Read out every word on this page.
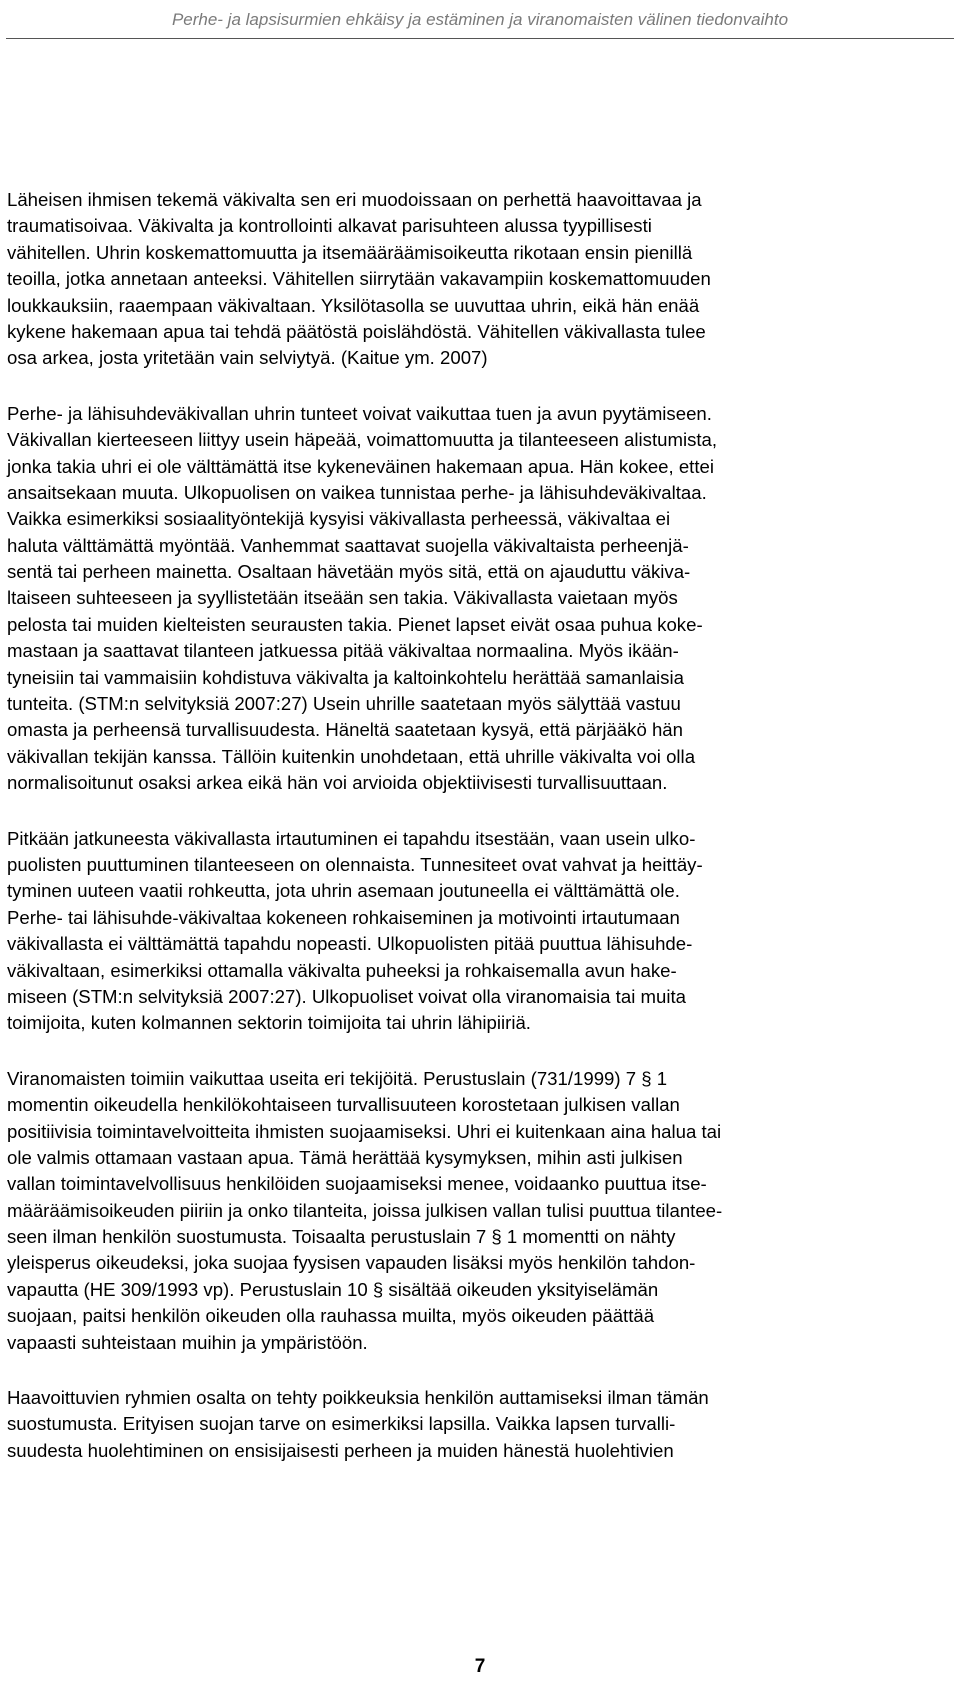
Perhe- ja lapsisurmien ehkäisy ja estäminen ja viranomaisten välinen tiedonvaihto

Läheisen ihmisen tekemä väkivalta sen eri muodoissaan on perhettä haavoittavaa ja
traumatisoivaa. Väkivalta ja kontrollointi alkavat parisuhteen alussa tyypillisesti
vähitellen. Uhrin koskemattomuutta ja itsemääräämisoikeutta rikotaan ensin pienillä
teoilla, jotka annetaan anteeksi. Vähitellen siirrytään vakavampiin koskemattomuuden
loukkauksiin, raaempaan väkivaltaan. Yksilötasolla se uuvuttaa uhrin, eikä hän enää
kykene hakemaan apua tai tehdä päätöstä poislähdöstä. Vähitellen väkivallasta tulee
osa arkea, josta yritetään vain selviytyä. (Kaitue ym. 2007)

Perhe- ja lähisuhdeväkivallan uhrin tunteet voivat vaikuttaa tuen ja avun pyytämiseen.
Väkivallan kierteeseen liittyy usein häpeää, voimattomuutta ja tilanteeseen alistumista,
jonka takia uhri ei ole välttämättä itse kykeneväinen hakemaan apua. Hän kokee, ettei
ansaitsekaan muuta. Ulkopuolisen on vaikea tunnistaa perhe- ja lähisuhdeväkivaltaa.
Vaikka esimerkiksi sosiaalityöntekijä kysyisi väkivallasta perheessä, väkivaltaa ei
haluta välttämättä myöntää. Vanhemmat saattavat suojella väkivaltaista perheenjä-
sentä tai perheen mainetta. Osaltaan hävetään myös sitä, että on ajauduttu väkiva-
ltaiseen suhteeseen ja syyllistetään itseään sen takia. Väkivallasta vaietaan myös
pelosta tai muiden kielteisten seurausten takia. Pienet lapset eivät osaa puhua koke-
mastaan ja saattavat tilanteen jatkuessa pitää väkivaltaa normaalina. Myös ikään-
tyneisiin tai vammaisiin kohdistuva väkivalta ja kaltoinkohtelu herättää samanlaisia
tunteita. (STM:n selvityksiä 2007:27) Usein uhrille saatetaan myös sälyttää vastuu
omasta ja perheensä turvallisuudesta. Häneltä saatetaan kysyä, että pärjääkö hän
väkivallan tekijän kanssa. Tällöin kuitenkin unohdetaan, että uhrille väkivalta voi olla
normalisoitunut osaksi arkea eikä hän voi arvioida objektiivisesti turvallisuuttaan.

Pitkään jatkuneesta väkivallasta irtautuminen ei tapahdu itsestään, vaan usein ulko-
puolisten puuttuminen tilanteeseen on olennaista. Tunnesiteet ovat vahvat ja heittäy-
tyminen uuteen vaatii rohkeutta, jota uhrin asemaan joutuneella ei välttämättä ole.
Perhe- tai lähisuhde-väkivaltaa kokeneen rohkaiseminen ja motivointi irtautumaan
väkivallasta ei välttämättä tapahdu nopeasti. Ulkopuolisten pitää puuttua lähisuhde-
väkivaltaan, esimerkiksi ottamalla väkivalta puheeksi ja rohkaisemalla avun hake-
miseen (STM:n selvityksiä 2007:27). Ulkopuoliset voivat olla viranomaisia tai muita
toimijoita, kuten kolmannen sektorin toimijoita tai uhrin lähipiiriä.

Viranomaisten toimiin vaikuttaa useita eri tekijöitä. Perustuslain (731/1999) 7 § 1
momentin oikeudella henkilökohtaiseen turvallisuuteen korostetaan julkisen vallan
positiivisia toimintavelvoitteita ihmisten suojaamiseksi. Uhri ei kuitenkaan aina halua tai
ole valmis ottamaan vastaan apua. Tämä herättää kysymyksen, mihin asti julkisen
vallan toimintavelvollisuus henkilöiden suojaamiseksi menee, voidaanko puuttua itse-
määräämisoikeuden piiriin ja onko tilanteita, joissa julkisen vallan tulisi puuttua tilantee-
seen ilman henkilön suostumusta. Toisaalta perustuslain 7 § 1 momentti on nähty
yleisperus oikeudeksi, joka suojaa fyysisen vapauden lisäksi myös henkilön tahdon-
vapautta (HE 309/1993 vp). Perustuslain 10 § sisältää oikeuden yksityiselämän
suojaan, paitsi henkilön oikeuden olla rauhassa muilta, myös oikeuden päättää
vapaasti suhteistaan muihin ja ympäristöön.

Haavoittuvien ryhmien osalta on tehty poikkeuksia henkilön auttamiseksi ilman tämän
suostumusta. Erityisen suojan tarve on esimerkiksi lapsilla. Vaikka lapsen turvalli-
suudesta huolehtiminen on ensisijaisesti perheen ja muiden hänestä huolehtivien

7
